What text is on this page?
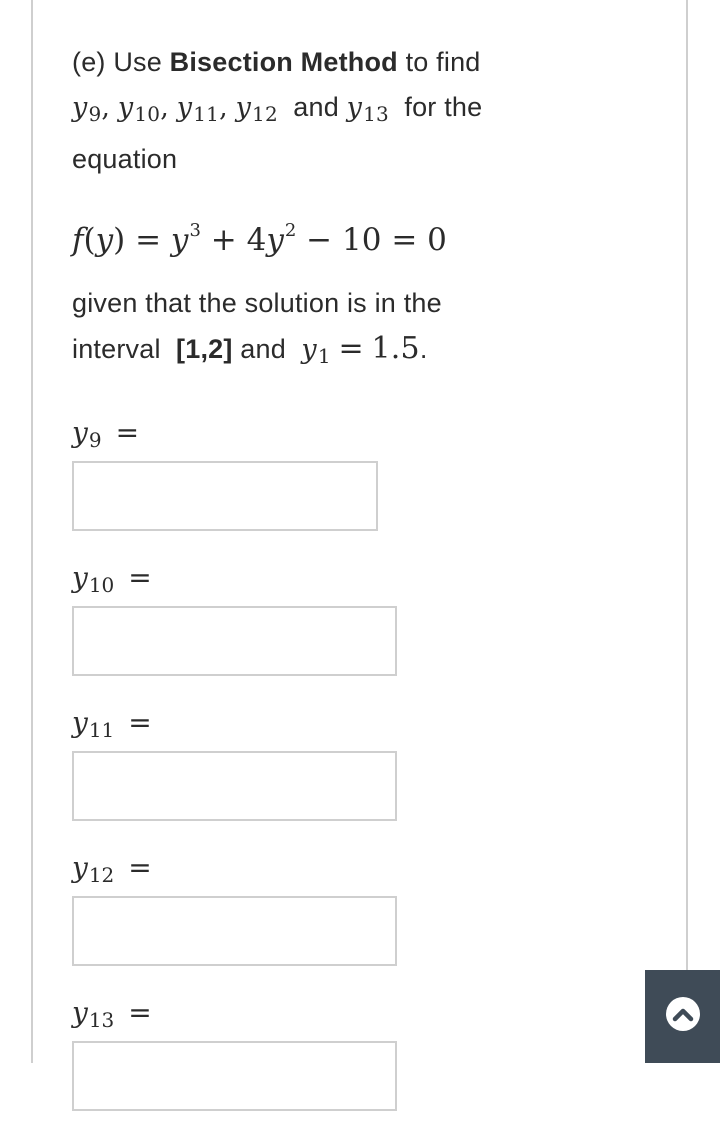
(e) Use Bisection Method to find
$y_9$, $y_{10}$, $y_{11}$, $y_{12}$ and $y_{13}$ for the
equation
$f(y) = y^3 + 4y^2 - 10 = 0$
given that the solution is in the
interval [1,2] and $y_1 = 1.5$.
$y_9$ =
$y_{10}$ =
$y_{11}$ =
$y_{12}$ =
$y_{13}$ =
